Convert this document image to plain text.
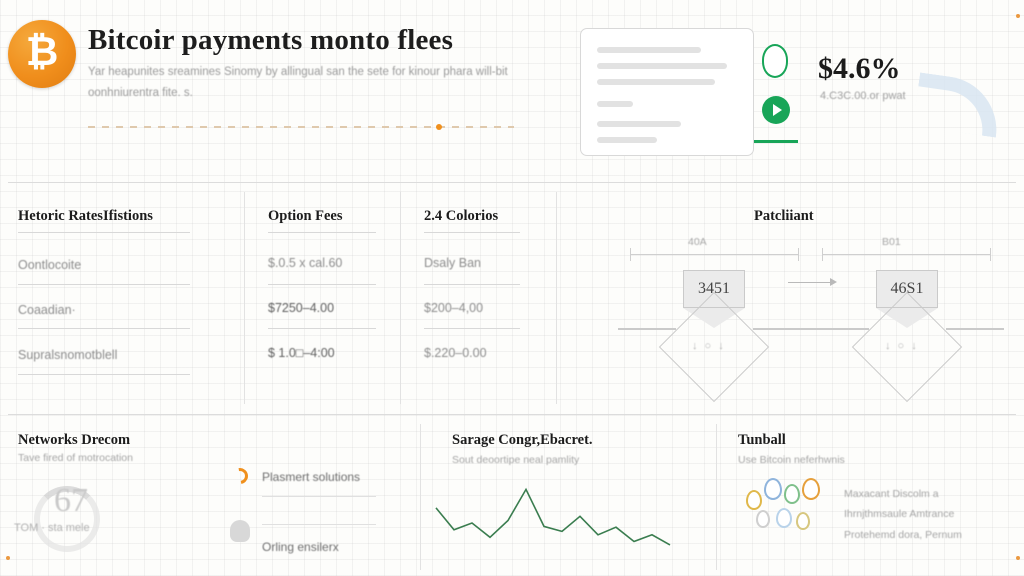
₿ Bitcoir payments monto flees
Yar heapunites sreamines Sinomy by allingual san the sete for kinour phara will-bit oonhniurentra fite. s.
$4.6%
4.C3C.00.or pwat
Hetoric RatesIfistions	Option Fees	2.4 Colorios
Oontlocoite	$.0.5 x cal.60	Dsaly Ban
Coaadian·	$7250–4.00	$200–4,00
Supralsnomotblell	$ 1.0□–4:00	$.220–0.00
Patcliiant
40A	B01
3451
↓ ○ ↓
46S1
↓ ○ ↓
Networks Drecom
Tave fired of motrocation
67
TOM · sta mele
Plasmert solutions
Orling ensilerx
Sarage Congr,Ebacret.
Sout deoortipe neal pamlity
Tunball
Use Bitcoin neferhwnis
Maxacant Discolm a Ihrnjthmsaule Amtrance Protehemd dora, Pernum
